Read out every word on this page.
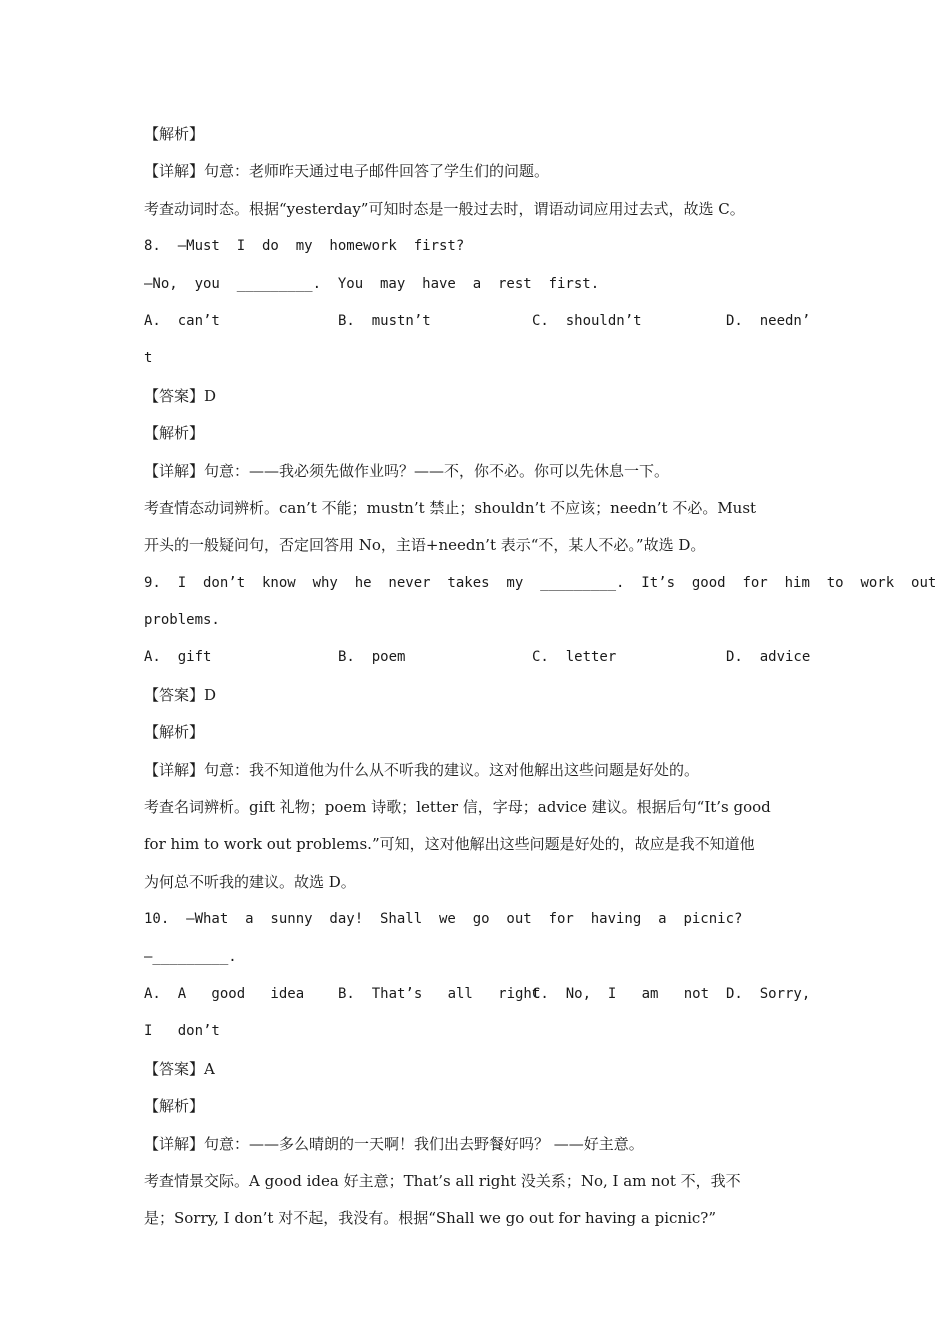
【解析】
【详解】句意：老师昨天通过电子邮件回答了学生们的问题。
考查动词时态。根据“yesterday”可知时态是一般过去时，谓语动词应用过去式，故选 C。
8.  —Must  I  do  my  homework  first?
—No,  you  _________.  You  may  have  a  rest  first.
A.  can’t	B.  mustn’t	C.  shouldn’t	D.  needn’
t
【答案】D
【解析】
【详解】句意：——我必须先做作业吗？——不，你不必。你可以先休息一下。
考查情态动词辨析。can’t 不能；mustn’t 禁止；shouldn’t 不应该；needn’t 不必。Must
开头的一般疑问句，否定回答用 No，主语+needn’t 表示“不，某人不必。”故选 D。
9.  I  don’t  know  why  he  never  takes  my  _________.  It’s  good  for  him  to  work  out
problems.
A.  gift	B.  poem	C.  letter	D.  advice
【答案】D
【解析】
【详解】句意：我不知道他为什么从不听我的建议。这对他解出这些问题是好处的。
考查名词辨析。gift 礼物；poem 诗歌；letter 信，字母；advice 建议。根据后句“It’s good
for him to work out problems.”可知，这对他解出这些问题是好处的，故应是我不知道他
为何总不听我的建议。故选 D。
10.  —What  a  sunny  day!  Shall  we  go  out  for  having  a  picnic?
—_________.
A.  A   good   idea	B.  That’s   all   right
C.  No,  I   am   not	D.  Sorry,
I   don’t
【答案】A
【解析】
【详解】句意：——多么晴朗的一天啊！我们出去野餐好吗？ ——好主意。
考查情景交际。A good idea 好主意；That’s all right 没关系；No, I am not 不，我不
是；Sorry, I don’t 对不起，我没有。根据“Shall we go out for having a picnic?”
